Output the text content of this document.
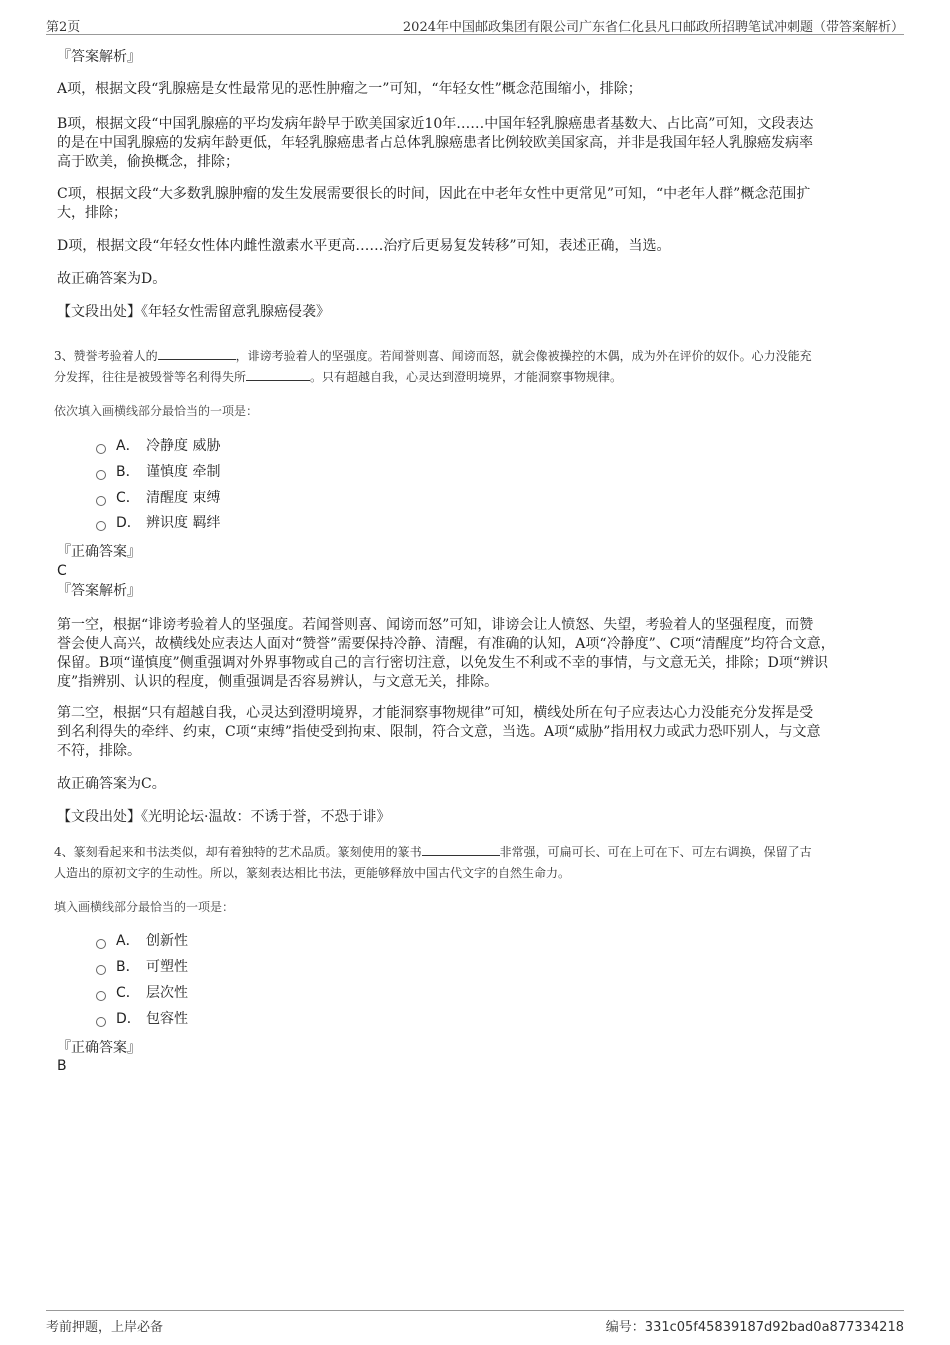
第2页	2024年中国邮政集团有限公司广东省仁化县凡口邮政所招聘笔试冲刺题（带答案解析）
『答案解析』
A项，根据文段“乳腺癌是女性最常见的恶性肿瘤之一”可知，“年轻女性”概念范围缩小，排除；
B项，根据文段“中国乳腺癌的平均发病年龄早于欧美国家近10年……中国年轻乳腺癌患者基数大、占比高”可知，文段表达
的是在中国乳腺癌的发病年龄更低，年轻乳腺癌患者占总体乳腺癌患者比例较欧美国家高，并非是我国年轻人乳腺癌发病率
高于欧美，偷换概念，排除；
C项，根据文段“大多数乳腺肿瘤的发生发展需要很长的时间，因此在中老年女性中更常见”可知，“中老年人群”概念范围扩
大，排除；
D项，根据文段“年轻女性体内雌性激素水平更高……治疗后更易复发转移”可知，表述正确，当选。
故正确答案为D。
【文段出处】《年轻女性需留意乳腺癌侵袭》
3、赞誉考验着人的	，诽谤考验着人的坚强度。若闻誉则喜、闻谤而怒，就会像被操控的木偶，成为外在评价的奴仆。心力没能充
分发挥，往往是被毁誉等名利得失所	。只有超越自我，心灵达到澄明境界，才能洞察事物规律。
依次填入画横线部分最恰当的一项是：
A． 冷静度 威胁
B． 谨慎度 牵制
C． 清醒度 束缚
D． 辨识度 羁绊
『正确答案』
C
『答案解析』
第一空，根据“诽谤考验着人的坚强度。若闻誉则喜、闻谤而怒”可知，诽谤会让人愤怒、失望，考验着人的坚强程度，而赞
誉会使人高兴，故横线处应表达人面对“赞誉”需要保持冷静、清醒，有准确的认知，A项“冷静度”、C项“清醒度”均符合文意，
保留。B项“谨慎度”侧重强调对外界事物或自己的言行密切注意，以免发生不利或不幸的事情，与文意无关，排除；D项“辨识
度”指辨别、认识的程度，侧重强调是否容易辨认，与文意无关，排除。
第二空，根据“只有超越自我，心灵达到澄明境界，才能洞察事物规律”可知，横线处所在句子应表达心力没能充分发挥是受
到名利得失的牵绊、约束，C项“束缚”指使受到拘束、限制，符合文意，当选。A项“威胁”指用权力或武力恐吓别人，与文意
不符，排除。
故正确答案为C。
【文段出处】《光明论坛·温故：不诱于誉，不恐于诽》
4、篆刻看起来和书法类似，却有着独特的艺术品质。篆刻使用的篆书	非常强，可扁可长、可在上可在下、可左右调换，保留了古
人造出的原初文字的生动性。所以，篆刻表达相比书法，更能够释放中国古代文字的自然生命力。
填入画横线部分最恰当的一项是：
A． 创新性
B． 可塑性
C． 层次性
D． 包容性
『正确答案』
B
考前押题，上岸必备	编号：331c05f45839187d92bad0a877334218
